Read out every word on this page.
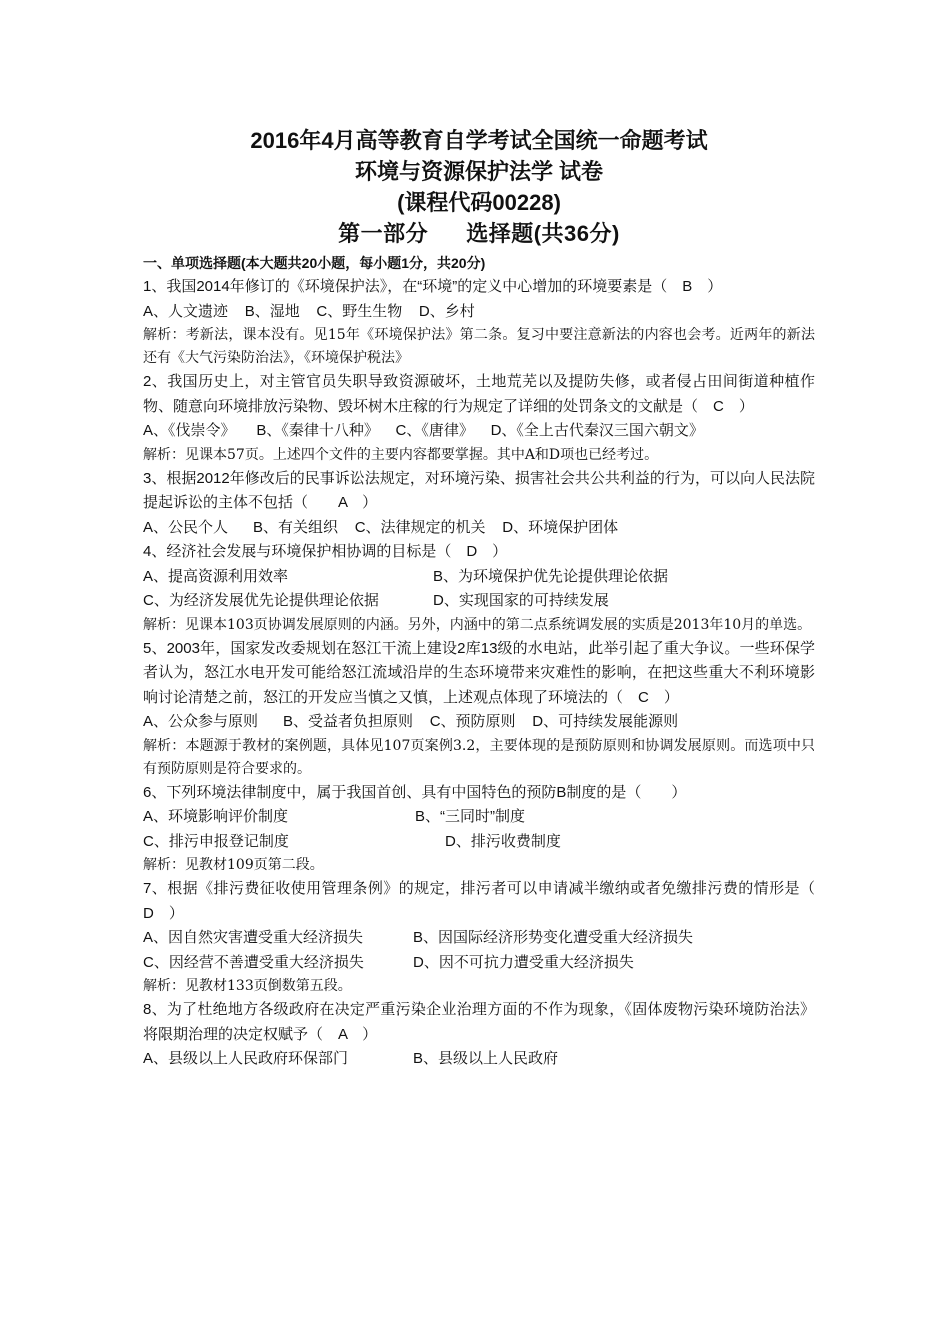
2016年4月高等教育自学考试全国统一命题考试
环境与资源保护法学 试卷
(课程代码00228)
第一部分 选择题(共36分)
一、单项选择题(本大题共20小题，每小题1分，共20分)
1、我国2014年修订的《环境保护法》，在“环境”的定义中心增加的环境要素是（　B　）
A、人文遗迹 B、湿地 C、野生生物 D、乡村
解析：考新法，课本没有。见15年《环境保护法》第二条。复习中要注意新法的内容也会考。近两年的新法还有《大气污染防治法》，《环境保护税法》
2、我国历史上，对主管官员失职导致资源破坏，土地荒芜以及提防失修，或者侵占田间街道种植作物、随意向环境排放污染物、毁坏树木庄稼的行为规定了详细的处罚条文的文献是（　C　）
A、《伐崇令》 B、《秦律十八种》 C、《唐律》 D、《全上古代秦汉三国六朝文》
解析：见课本57页。上述四个文件的主要内容都要掌握。其中A和D项也已经考过。
3、根据2012年修改后的民事诉讼法规定，对环境污染、损害社会共公共利益的行为，可以向人民法院提起诉讼的主体不包括（　　A　）
A、公民个人 B、有关组织 C、法律规定的机关 D、环境保护团体
4、经济社会发展与环境保护相协调的目标是（　D　）
A、提高资源利用效率	B、为环境保护优先论提供理论依据
C、为经济发展优先论提供理论依据	D、实现国家的可持续发展
解析：见课本103页协调发展原则的内涵。另外，内涵中的第二点系统调发展的实质是2013年10月的单选。
5、2003年，国家发改委规划在怒江干流上建设2库13级的水电站，此举引起了重大争议。一些环保学者认为，怒江水电开发可能给怒江流域沿岸的生态环境带来灾难性的影响，在把这些重大不利环境影响讨论清楚之前，怒江的开发应当慎之又慎，上述观点体现了环境法的（　C　）
A、公众参与原则 B、受益者负担原则 C、预防原则 D、可持续发展能源则
解析：本题源于教材的案例题，具体见107页案例3.2，主要体现的是预防原则和协调发展原则。而选项中只有预防原则是符合要求的。
6、下列环境法律制度中，属于我国首创、具有中国特色的预防B制度的是（　　）
A、环境影响评价制度	B、“三同时”制度
C、排污申报登记制度	D、排污收费制度
解析：见教材109页第二段。
7、根据《排污费征收使用管理条例》的规定，排污者可以申请减半缴纳或者免缴排污费的情形是（　D　）
A、因自然灾害遭受重大经济损失	B、因国际经济形势变化遭受重大经济损失
C、因经营不善遭受重大经济损失	D、因不可抗力遭受重大经济损失
解析：见教材133页倒数第五段。
8、为了杜绝地方各级政府在决定严重污染企业治理方面的不作为现象，《固体废物污染环境防治法》将限期治理的决定权赋予（　A　）
A、县级以上人民政府环保部门	B、县级以上人民政府
